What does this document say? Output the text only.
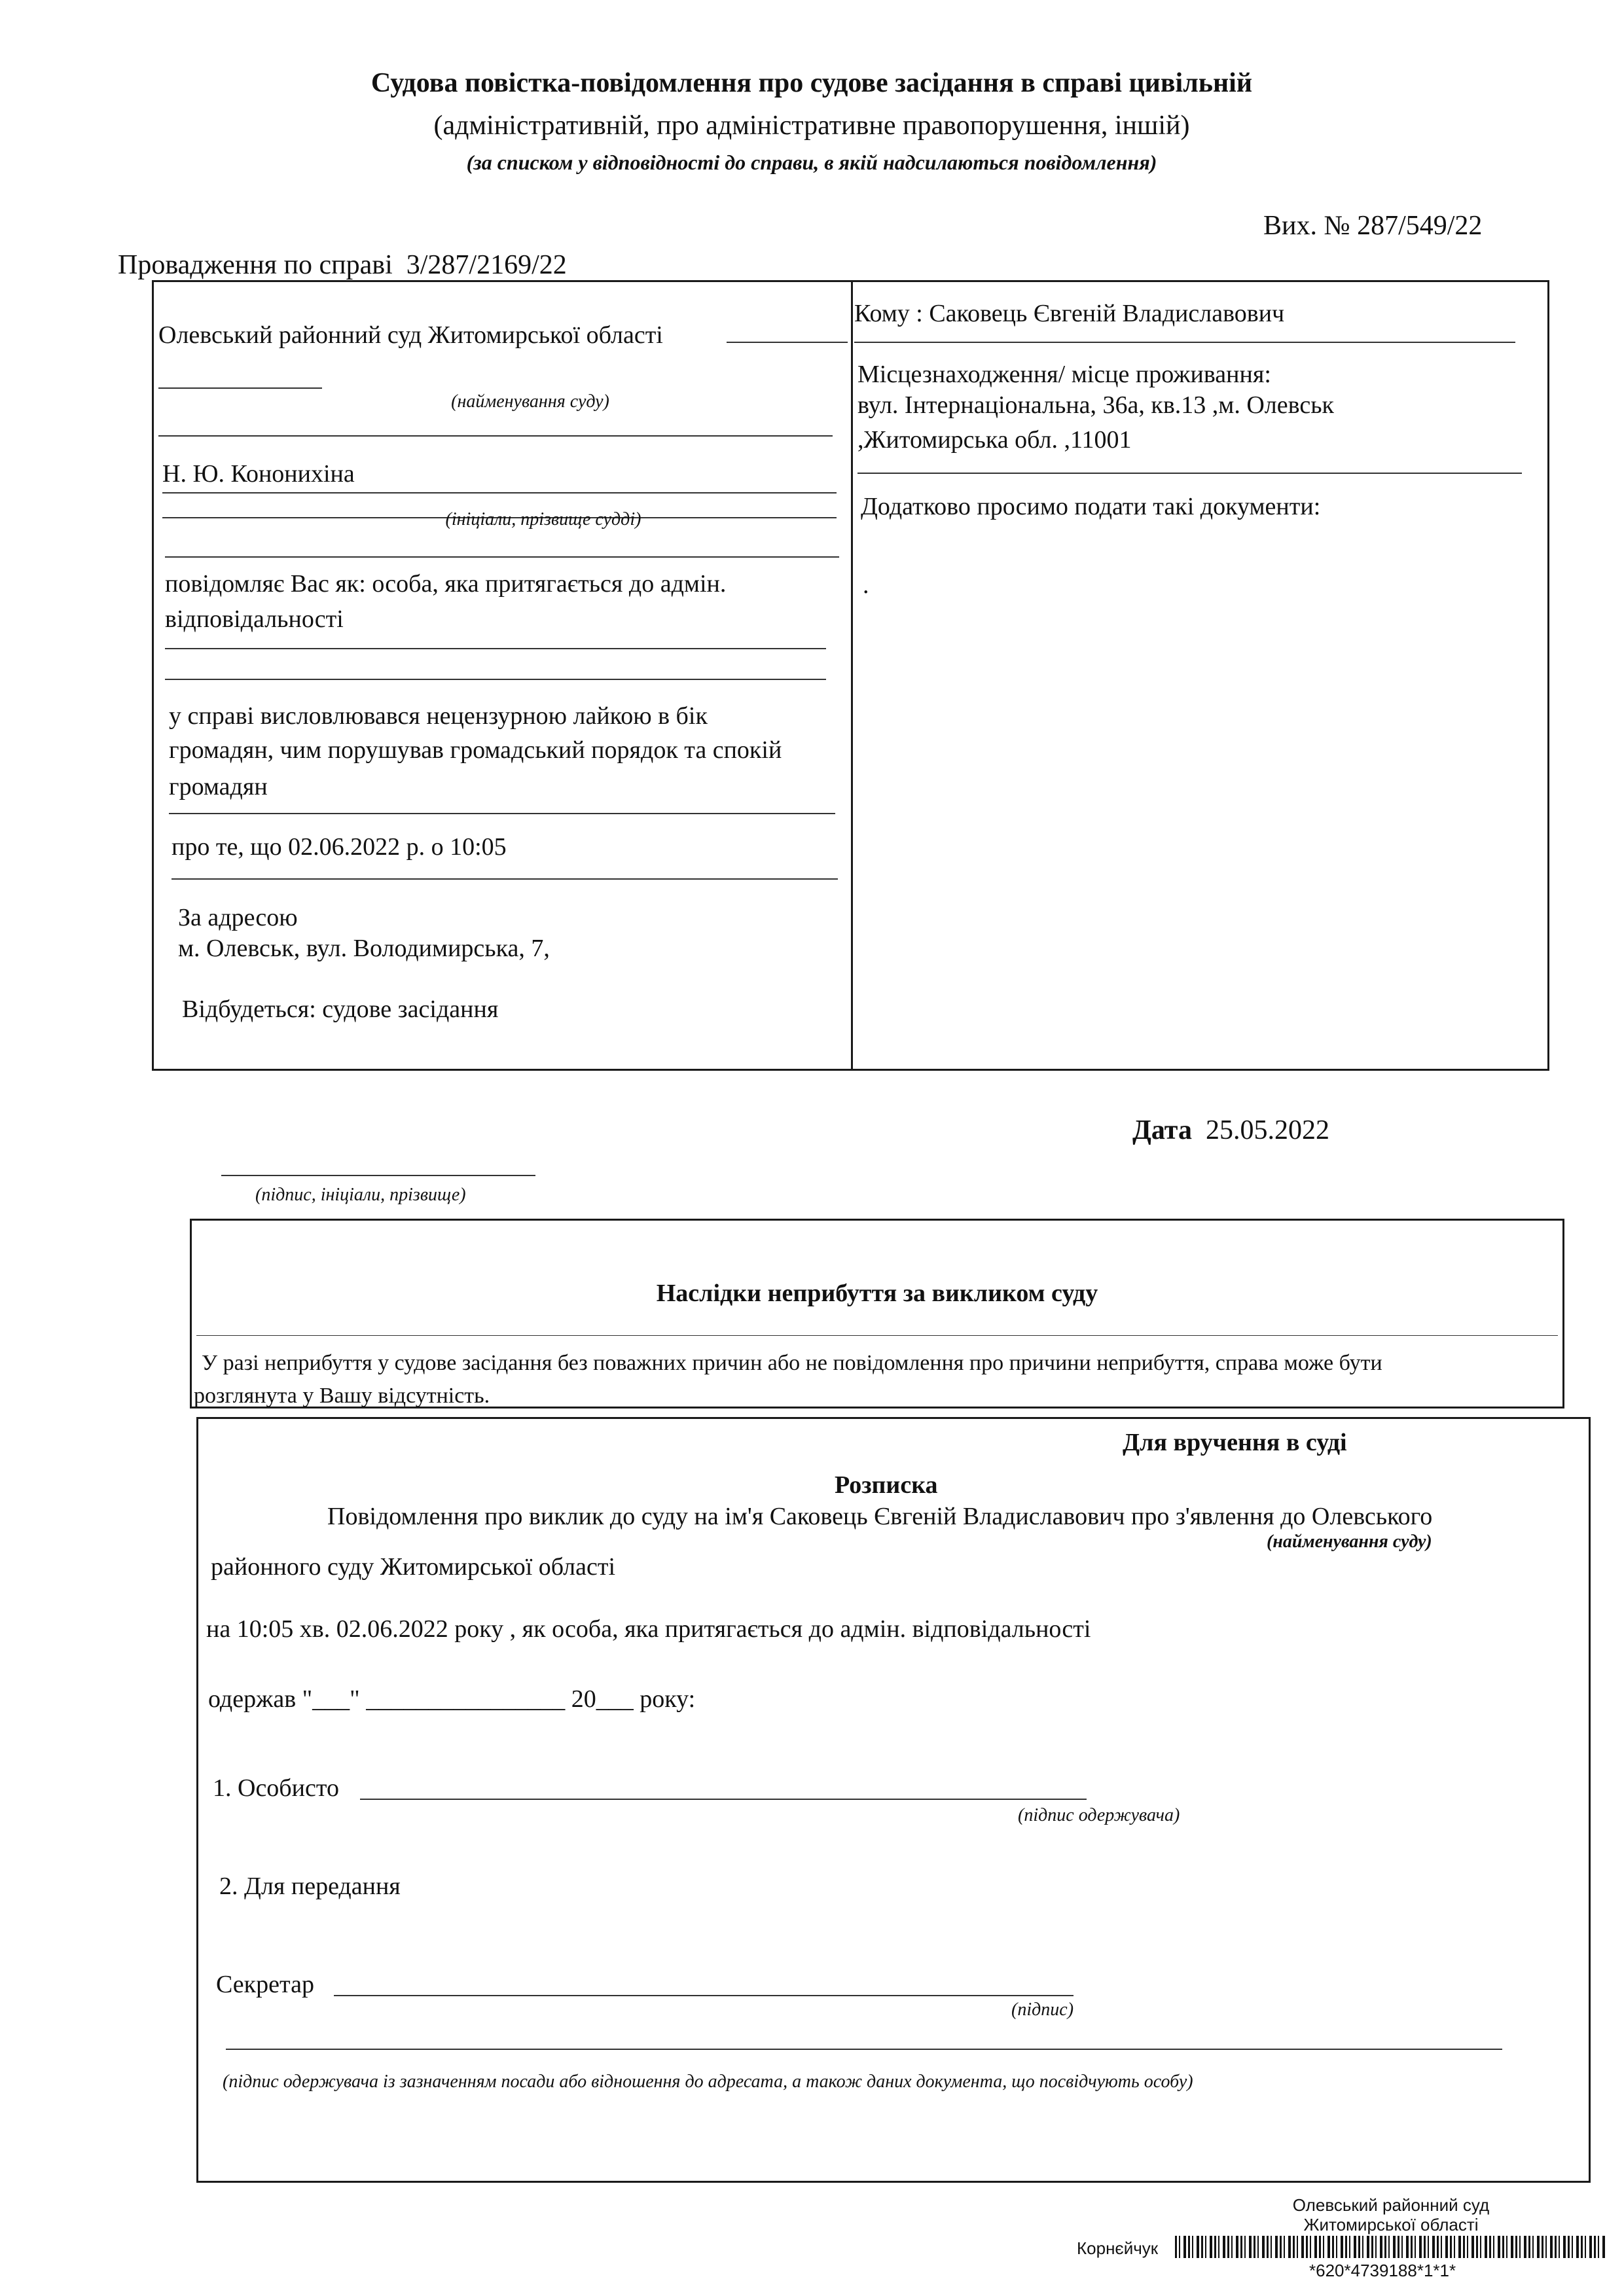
Судова повістка-повідомлення про судове засідання в справі цивільній
(адміністративній, про адміністративне правопорушення, іншій)
(за списком у відповідності до справи, в якій надсилаються повідомлення)
Вих. № 287/549/22
Провадження по справі 3/287/2169/22
Олевський районний суд Житомирської області
(найменування суду)
Н. Ю. Кононихіна
(ініціали, прізвище судді)
повідомляє Вас як: особа, яка притягається до адмін.
відповідальності
у справі висловлювався нецензурною лайкою в бік
громадян, чим порушував громадський порядок та спокій
громадян
про те, що 02.06.2022 р. о 10:05
За адресою
м. Олевськ, вул. Володимирська, 7,
Відбудеться: судове засідання
Кому : Саковець Євгеній Владиславович
Місцезнаходження/ місце проживання:
вул. Інтернаціональна, 36а, кв.13 ,м. Олевськ
,Житомирська обл. ,11001
Додатково просимо подати такі документи:
.
Дата 25.05.2022
(підпис, ініціали, прізвище)
Наслідки неприбуття за викликом суду
У разі неприбуття у судове засідання без поважних причин або не повідомлення про причини неприбуття, справа може бути
розглянута у Вашу відсутність.
Для вручення в суді
Розписка
Повідомлення про виклик до суду на ім'я Саковець Євгеній Владиславович про з'явлення до Олевського
(найменування суду)
районного суду Житомирської області
на 10:05 хв. 02.06.2022 року , як особа, яка притягається до адмін. відповідальності
одержав "___" ________________ 20___ року:
1. Особисто
(підпис одержувача)
2. Для передання
Секретар
(підпис)
(підпис одержувача із зазначенням посади або відношення до адресата, а також даних документа, що посвідчують особу)
Олевський районний суд
Житомирської області
Корнєйчук
*620*4739188*1*1*
